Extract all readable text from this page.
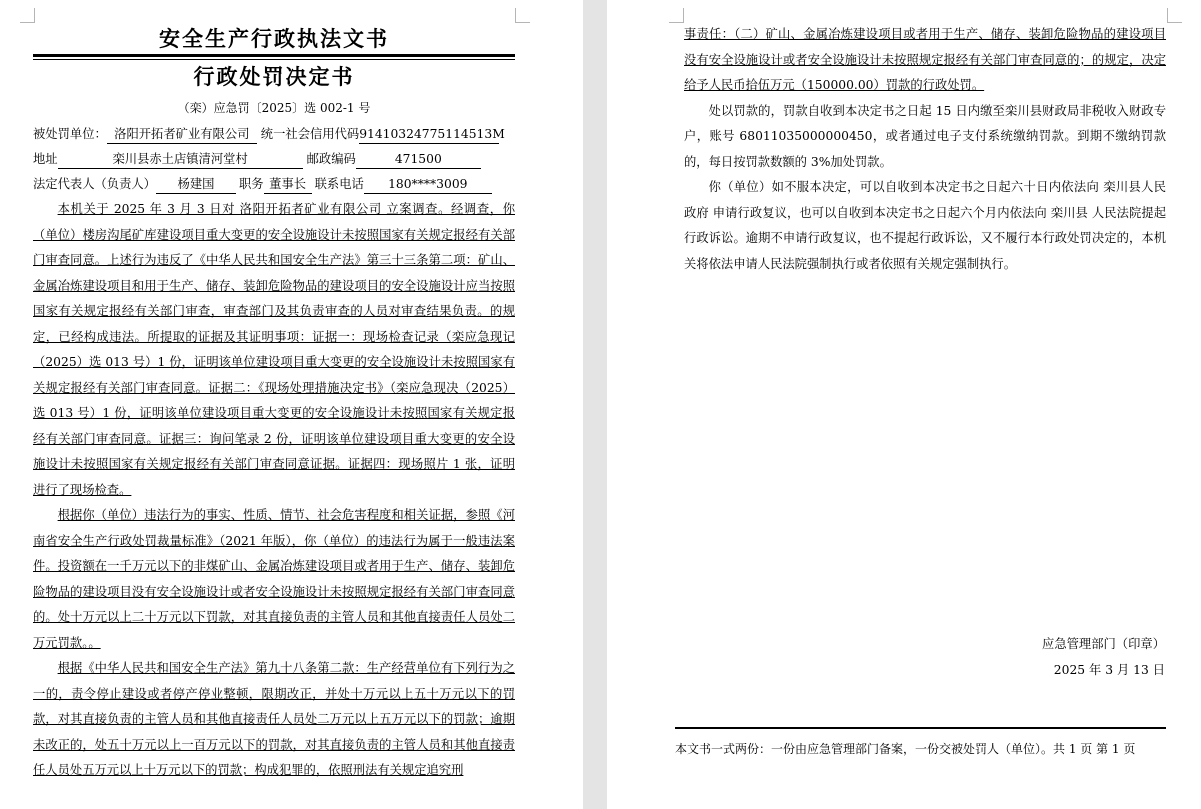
安全生产行政执法文书
行政处罚决定书
（栾）应急罚〔2025〕选 002-1 号
被处罚单位： 洛阳开拓者矿业有限公司 统一社会信用代码91410324775114513M
地址	栾川县赤土店镇清河堂村	邮政编码	471500
法定代表人（负责人） 杨建国 职务 董事长 联系电话 180****3009

本机关于 2025 年 3 月 3 日对 洛阳开拓者矿业有限公司 立案调查。经调查，你（单位）楼房沟尾矿库建设项目重大变更的安全设施设计未按照国家有关规定报经有关部门审查同意。上述行为违反了《中华人民共和国安全生产法》第三十三条第二项：矿山、金属冶炼建设项目和用于生产、储存、装卸危险物品的建设项目的安全设施设计应当按照国家有关规定报经有关部门审查，审查部门及其负责审查的人员对审查结果负责。的规定，已经构成违法。所提取的证据及其证明事项：证据一：现场检查记录（栾应急现记（2025）选 013 号）1 份，证明该单位建设项目重大变更的安全设施设计未按照国家有关规定报经有关部门审查同意。证据二：《现场处理措施决定书》（栾应急现决（2025）选 013 号）1 份，证明该单位建设项目重大变更的安全设施设计未按照国家有关规定报经有关部门审查同意。证据三：询问笔录 2 份，证明该单位建设项目重大变更的安全设施设计未按照国家有关规定报经有关部门审查同意证据。证据四：现场照片 1 张，证明进行了现场检查。

根据你（单位）违法行为的事实、性质、情节、社会危害程度和相关证据，参照《河南省安全生产行政处罚裁量标准》（2021 年版），你（单位）的违法行为属于一般违法案件。投资额在一千万元以下的非煤矿山、金属冶炼建设项目或者用于生产、储存、装卸危险物品的建设项目没有安全设施设计或者安全设施设计未按照规定报经有关部门审查同意的。处十万元以上二十万元以下罚款，对其直接负责的主管人员和其他直接责任人员处二万元罚款。。

根据《中华人民共和国安全生产法》第九十八条第二款：生产经营单位有下列行为之一的，责令停止建设或者停产停业整顿，限期改正，并处十万元以上五十万元以下的罚款，对其直接负责的主管人员和其他直接责任人员处二万元以上五万元以下的罚款；逾期未改正的，处五十万元以上一百万元以下的罚款，对其直接负责的主管人员和其他直接责任人员处五万元以上十万元以下的罚款；构成犯罪的，依照刑法有关规定追究刑

事责任：（二）矿山、金属冶炼建设项目或者用于生产、储存、装卸危险物品的建设项目没有安全设施设计或者安全设施设计未按照规定报经有关部门审查同意的；的规定，决定给予人民币拾伍万元（150000.00）罚款的行政处罚。

处以罚款的，罚款自收到本决定书之日起 15 日内缴至栾川县财政局非税收入财政专户，账号 68011035000000450，或者通过电子支付系统缴纳罚款。到期不缴纳罚款的，每日按罚款数额的 3%加处罚款。

你（单位）如不服本决定，可以自收到本决定书之日起六十日内依法向 栾川县人民政府 申请行政复议，也可以自收到本决定书之日起六个月内依法向 栾川县 人民法院提起行政诉讼。逾期不申请行政复议，也不提起行政诉讼，又不履行本行政处罚决定的，本机关将依法申请人民法院强制执行或者依照有关规定强制执行。

应急管理部门（印章）
2025 年 3 月 13 日
本文书一式两份：一份由应急管理部门备案，一份交被处罚人（单位）。共 1 页 第 1 页
